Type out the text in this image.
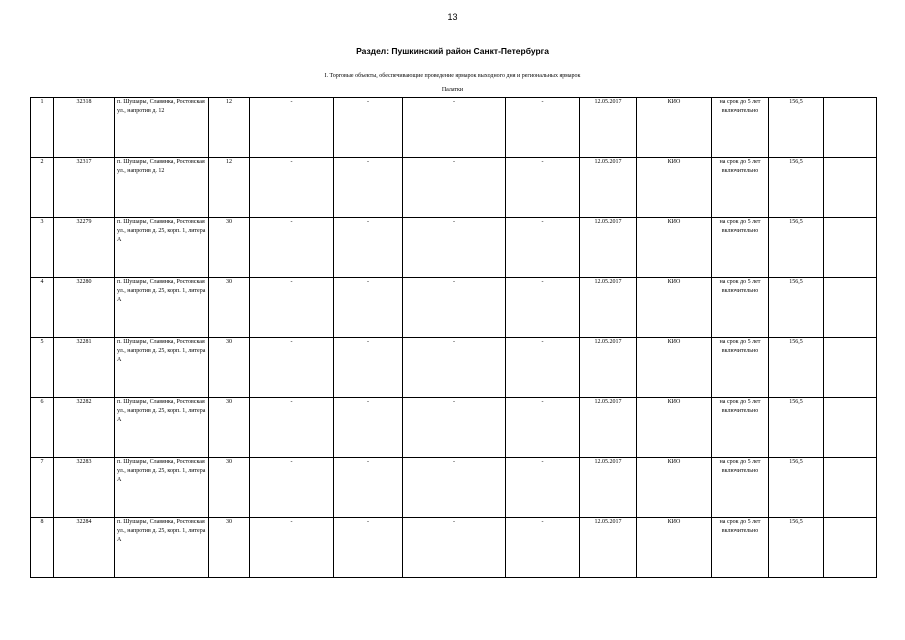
13
Раздел: Пушкинский район Санкт-Петербурга
I. Торговые объекты, обеспечивающие проведение ярмарок выходного дня и региональных ярмарок
Палатки
1	32318	п. Шушары, Славянка, Ростовская ул., напротив д. 12	12	-	-	-	-	12.05.2017	КИО	на срок до 5 лет включительно	156,5	
2	32317	п. Шушары, Славянка, Ростовская ул., напротив д. 12	12	-	-	-	-	12.05.2017	КИО	на срок до 5 лет включительно	156,5	
3	32279	п. Шушары, Славянка, Ростовская ул., напротив д. 25, корп. 1, литера А	30	-	-	-	-	12.05.2017	КИО	на срок до 5 лет включительно	156,5	
4	32280	п. Шушары, Славянка, Ростовская ул., напротив д. 25, корп. 1, литера А	30	-	-	-	-	12.05.2017	КИО	на срок до 5 лет включительно	156,5	
5	32281	п. Шушары, Славянка, Ростовская ул., напротив д. 25, корп. 1, литера А	30	-	-	-	-	12.05.2017	КИО	на срок до 5 лет включительно	156,5	
6	32282	п. Шушары, Славянка, Ростовская ул., напротив д. 25, корп. 1, литера А	30	-	-	-	-	12.05.2017	КИО	на срок до 5 лет включительно	156,5	
7	32283	п. Шушары, Славянка, Ростовская ул., напротив д. 25, корп. 1, литера А	30	-	-	-	-	12.05.2017	КИО	на срок до 5 лет включительно	156,5	
8	32284	п. Шушары, Славянка, Ростовская ул., напротив д. 25, корп. 1, литера А	30	-	-	-	-	12.05.2017	КИО	на срок до 5 лет включительно	156,5	
